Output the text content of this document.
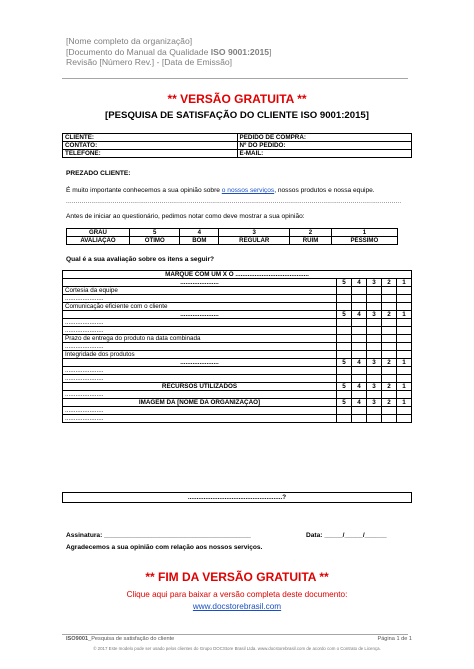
[Nome completo da organização]
[Documento do Manual da Qualidade ISO 9001:2015]
Revisão [Número Rev.] - [Data de Emissão]
** VERSÃO GRATUITA **
[PESQUISA DE SATISFAÇÃO DO CLIENTE ISO 9001:2015]
CLIENTE:	PEDIDO DE COMPRA:
CONTATO:	Nº DO PEDIDO:
TELEFONE:	E-MAIL:
PREZADO CLIENTE:
É muito importante conhecemos a sua opinião sobre o nossos serviços, nossos produtos e nossa equipe.
............................................................................................................................................................................
Antes de iniciar ao questionário, pedimos notar como deve mostrar a sua opinião:
GRAU	5	4	3	2	1
AVALIAÇÃO	ÓTIMO	BOM	REGULAR	RUIM	PÉSSIMO
Qual é a sua avaliação sobre os itens a seguir?
MARQUE COM UM X O ..........................................					
......................	5	4	3	2	1
Cortesia da equipe					
......................					
Comunicação eficiente com o cliente					
......................	5	4	3	2	1
......................					
......................					
Prazo de entrega do produto na data combinada					
......................					
Integridade dos produtos					
......................	5	4	3	2	1
......................					
......................					
RECURSOS UTILIZADOS	5	4	3	2	1
......................					
IMAGEM DA [NOME DA ORGANIZAÇÃO]	5	4	3	2	1
......................					
......................					
......................................................?
Assinatura: ________________________________________	Data: _____/_____/______
Agradecemos a sua opinião com relação aos nossos serviços.
** FIM DA VERSÃO GRATUITA **
Clique aqui para baixar a versão completa deste documento:
www.docstorebrasil.com
ISO9001_Pesquisa de satisfação do cliente	Página 1 de 1
© 2017 Este modelo pode ser usado pelos clientes do Grupo DOCStore Brasil Ltda. www.docstorebrasil.com de acordo com o Contrato de Licença.
